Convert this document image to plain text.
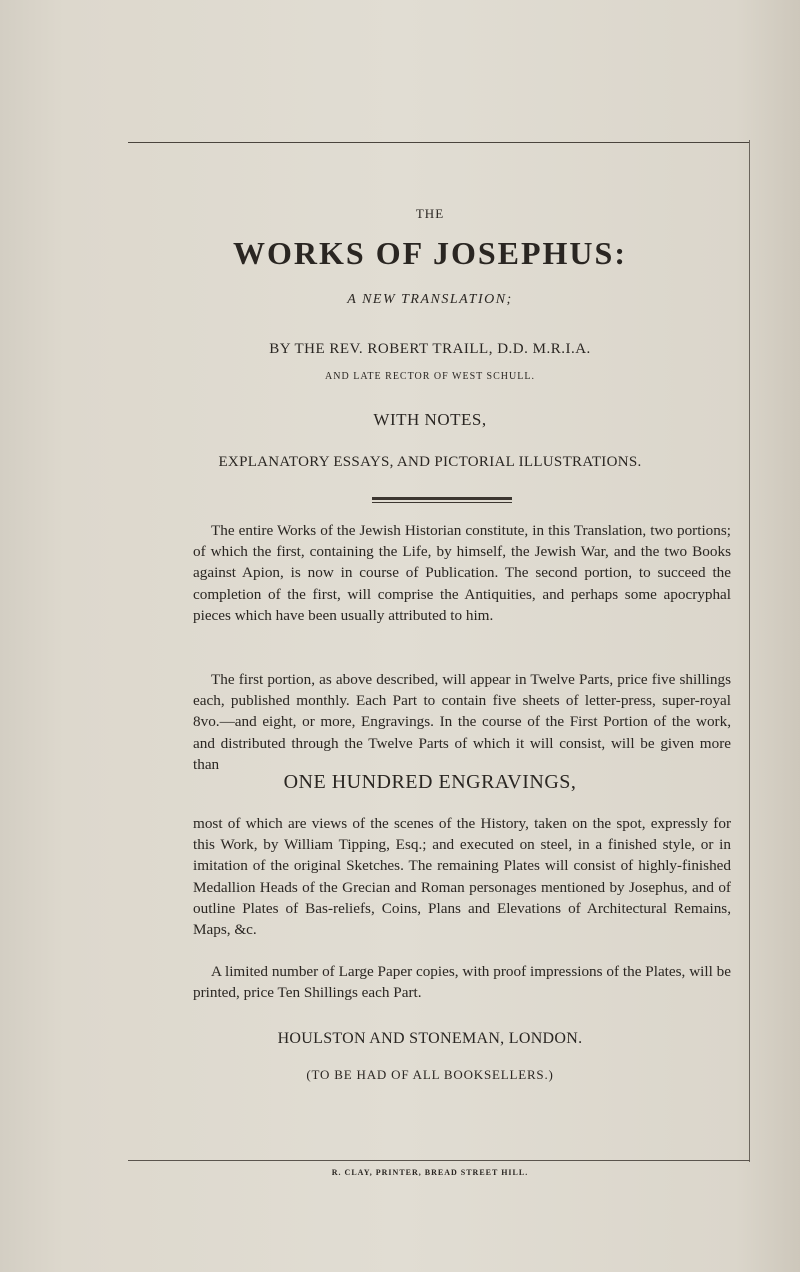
THE
WORKS OF JOSEPHUS:
A NEW TRANSLATION;
BY THE REV. ROBERT TRAILL, D.D. M.R.I.A.
AND LATE RECTOR OF WEST SCHULL.
WITH NOTES,
EXPLANATORY ESSAYS, AND PICTORIAL ILLUSTRATIONS.

The entire Works of the Jewish Historian constitute, in this Translation, two portions; of which the first, containing the Life, by himself, the Jewish War, and the two Books against Apion, is now in course of Publication. The second portion, to succeed the completion of the first, will comprise the Antiquities, and perhaps some apocryphal pieces which have been usually attributed to him.

The first portion, as above described, will appear in Twelve Parts, price five shillings each, published monthly. Each Part to contain five sheets of letter-press, super-royal 8vo.—and eight, or more, Engravings. In the course of the First Portion of the work, and distributed through the Twelve Parts of which it will consist, will be given more than

ONE HUNDRED ENGRAVINGS,

most of which are views of the scenes of the History, taken on the spot, expressly for this Work, by William Tipping, Esq.; and executed on steel, in a finished style, or in imitation of the original Sketches. The remaining Plates will consist of highly-finished Medallion Heads of the Grecian and Roman personages mentioned by Josephus, and of outline Plates of Bas-reliefs, Coins, Plans and Elevations of Architectural Remains, Maps, &c.

A limited number of Large Paper copies, with proof impressions of the Plates, will be printed, price Ten Shillings each Part.

HOULSTON AND STONEMAN, LONDON.
(TO BE HAD OF ALL BOOKSELLERS.)
R. CLAY, PRINTER, BREAD STREET HILL.
